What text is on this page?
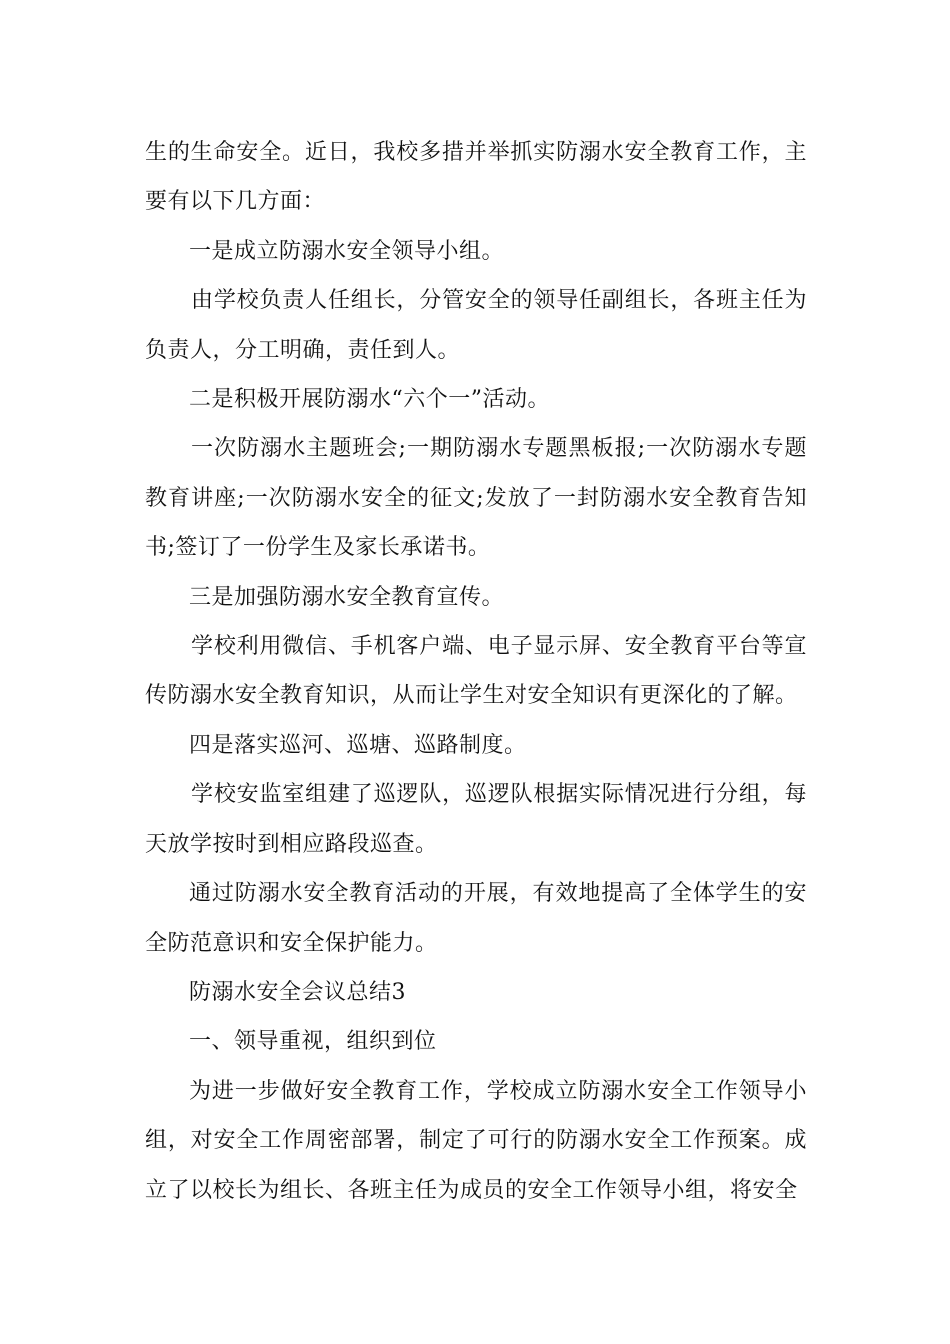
生的生命安全。近日，我校多措并举抓实防溺水安全教育工作，主要有以下几方面：

一是成立防溺水安全领导小组。

由学校负责人任组长，分管安全的领导任副组长，各班主任为负责人，分工明确，责任到人。

二是积极开展防溺水“六个一”活动。

一次防溺水主题班会;一期防溺水专题黑板报;一次防溺水专题教育讲座;一次防溺水安全的征文;发放了一封防溺水安全教育告知书;签订了一份学生及家长承诺书。

三是加强防溺水安全教育宣传。

学校利用微信、手机客户端、电子显示屏、安全教育平台等宣传防溺水安全教育知识，从而让学生对安全知识有更深化的了解。

四是落实巡河、巡塘、巡路制度。

学校安监室组建了巡逻队，巡逻队根据实际情况进行分组，每天放学按时到相应路段巡查。

通过防溺水安全教育活动的开展，有效地提高了全体学生的安全防范意识和安全保护能力。

防溺水安全会议总结3

一、领导重视，组织到位

为进一步做好安全教育工作，学校成立防溺水安全工作领导小组，对安全工作周密部署，制定了可行的防溺水安全工作预案。成立了以校长为组长、各班主任为成员的安全工作领导小组，将安全
